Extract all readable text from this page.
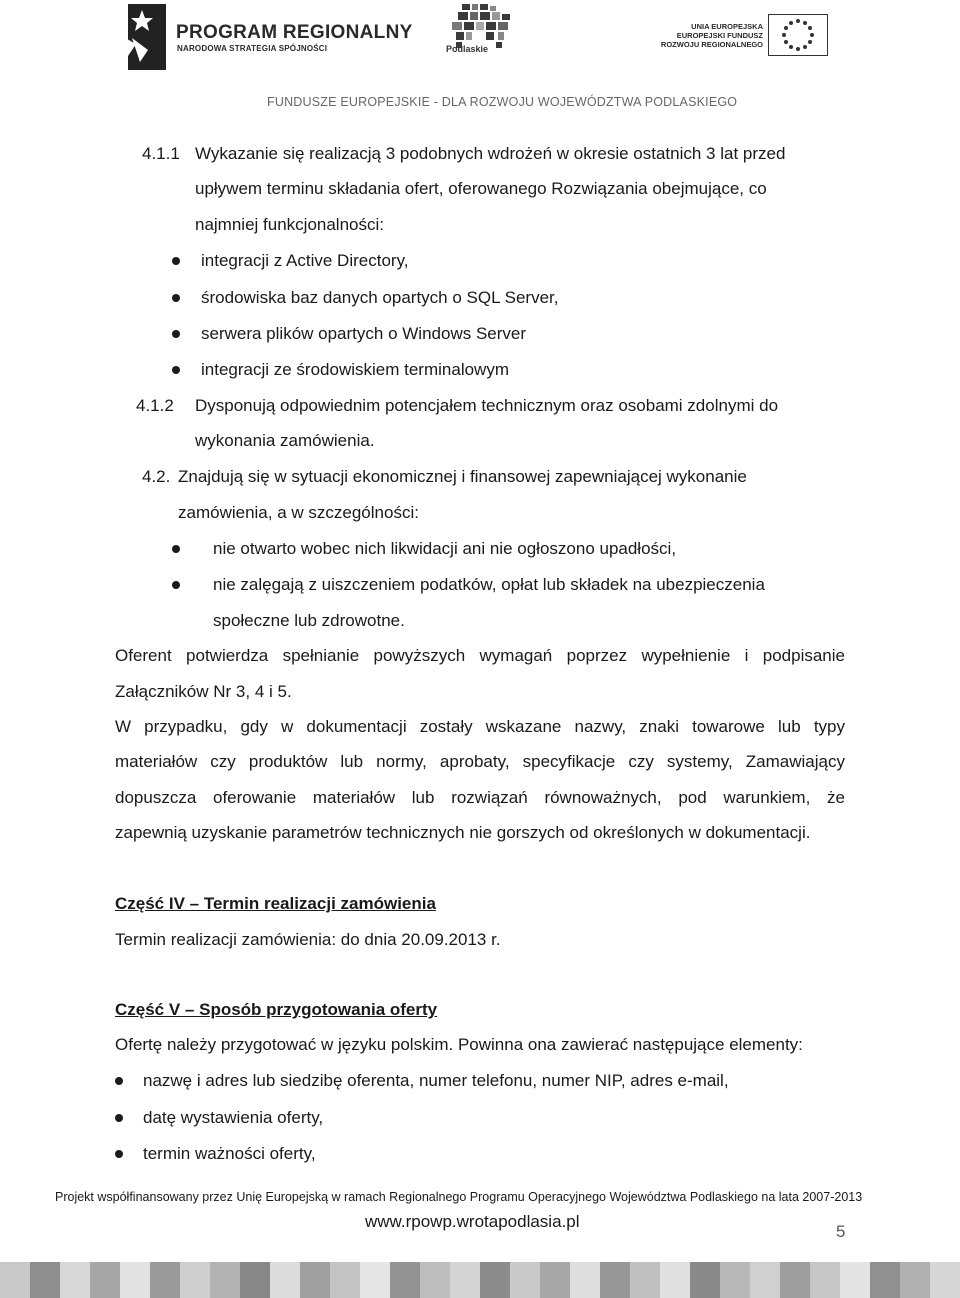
PROGRAM REGIONALNY
NARODOWA STRATEGIA SPÓJNOŚCI	Podlaskie
UNIA EUROPEJSKA
EUROPEJSKI FUNDUSZ
ROZWOJU REGIONALNEGO
FUNDUSZE EUROPEJSKIE - DLA ROZWOJU WOJEWÓDZTWA PODLASKIEGO
4.1.1 Wykazanie się realizacją 3 podobnych wdrożeń w okresie ostatnich 3 lat przed
upływem terminu składania ofert, oferowanego Rozwiązania obejmujące, co
najmniej funkcjonalności:
integracji z Active Directory,
środowiska baz danych opartych o SQL Server,
serwera plików opartych o Windows Server
integracji ze środowiskiem terminalowym
4.1.2 Dysponują odpowiednim potencjałem technicznym oraz osobami zdolnymi do
wykonania zamówienia.
4.2. Znajdują się w sytuacji ekonomicznej i finansowej zapewniającej wykonanie
zamówienia, a w szczególności:
nie otwarto wobec nich likwidacji ani nie ogłoszono upadłości,
nie zalęgają z uiszczeniem podatków, opłat lub składek na ubezpieczenia
społeczne lub zdrowotne.
Oferent potwierdza spełnianie powyższych wymagań poprzez wypełnienie i podpisanie
Załączników Nr 3, 4 i 5.
W przypadku, gdy w dokumentacji zostały wskazane nazwy, znaki towarowe lub typy
materiałów czy produktów lub normy, aprobaty, specyfikacje czy systemy, Zamawiający
dopuszcza oferowanie materiałów lub rozwiązań równoważnych, pod warunkiem, że
zapewnią uzyskanie parametrów technicznych nie gorszych od określonych w dokumentacji.
Część IV – Termin realizacji zamówienia
Termin realizacji zamówienia: do dnia 20.09.2013 r.
Część V – Sposób przygotowania oferty
Ofertę należy przygotować w języku polskim. Powinna ona zawierać następujące elementy:
nazwę i adres lub siedzibę oferenta, numer telefonu, numer NIP, adres e-mail,
datę wystawienia oferty,
termin ważności oferty,
Projekt współfinansowany przez Unię Europejską w ramach Regionalnego Programu Operacyjnego Województwa Podlaskiego na lata 2007-2013
www.rpowp.wrotapodlasia.pl
5
